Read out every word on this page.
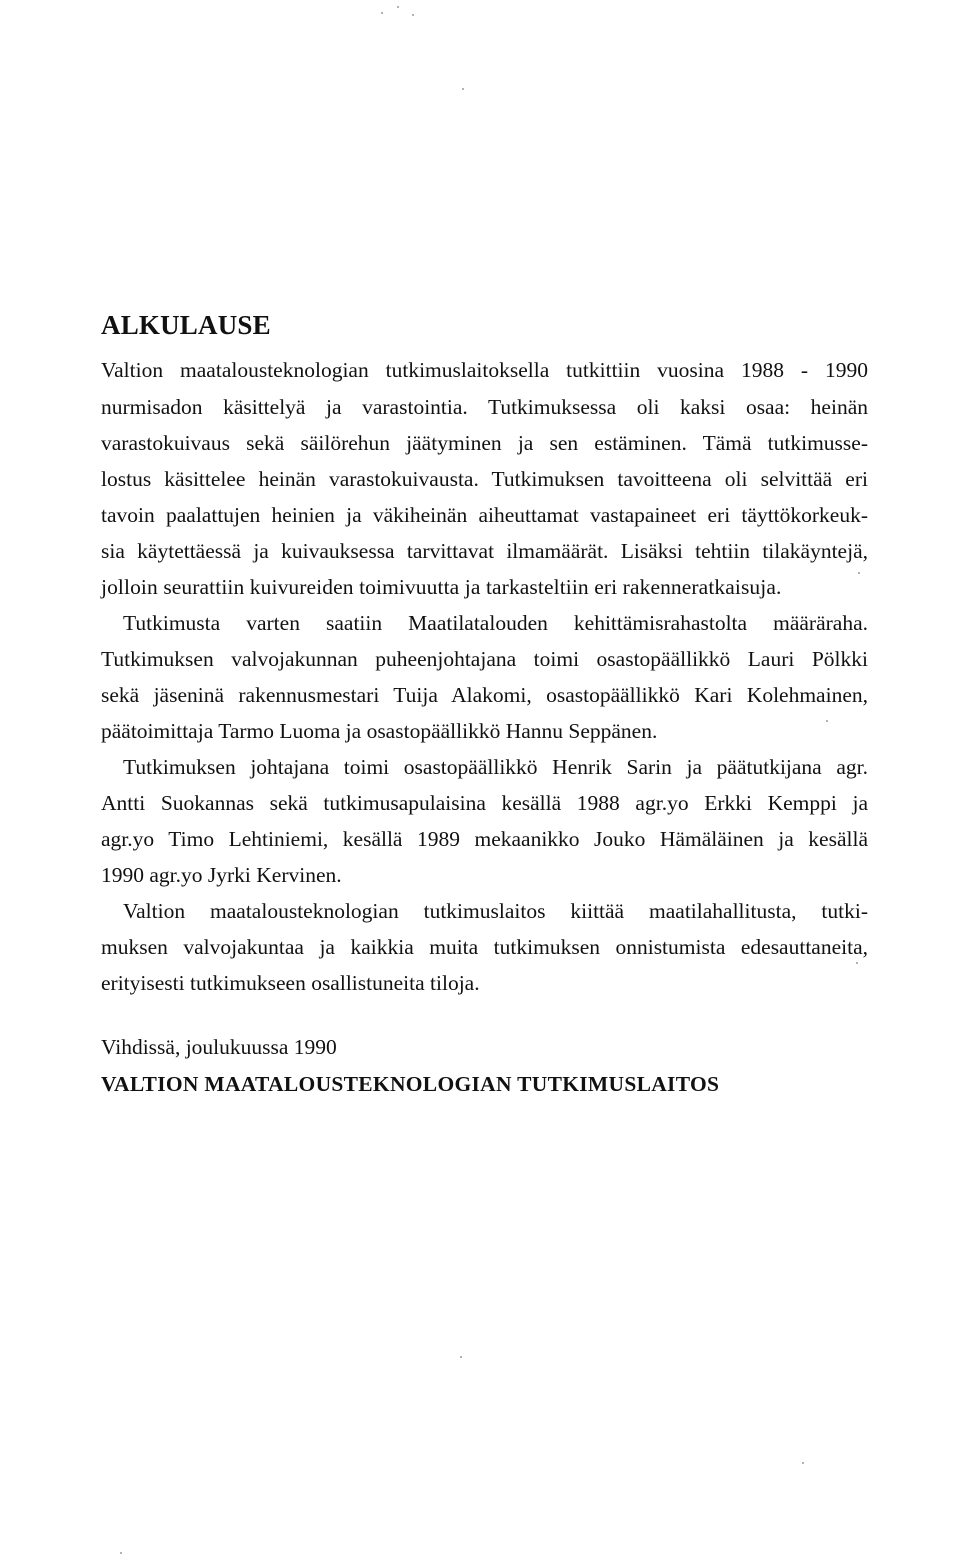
ALKULAUSE

Valtion maatalousteknologian tutkimuslaitoksella tutkittiin vuosina 1988 - 1990

nurmisadon käsittelyä ja varastointia. Tutkimuksessa oli kaksi osaa: heinän

varastokuivaus sekä säilörehun jäätyminen ja sen estäminen. Tämä tutkimusse-

lostus käsittelee heinän varastokuivausta. Tutkimuksen tavoitteena oli selvittää eri

tavoin paalattujen heinien ja väkiheinän aiheuttamat vastapaineet eri täyttökorkeuk-

sia käytettäessä ja kuivauksessa tarvittavat ilmamäärät. Lisäksi tehtiin tilakäyntejä,

jolloin seurattiin kuivureiden toimivuutta ja tarkasteltiin eri rakenneratkaisuja.

Tutkimusta varten saatiin Maatilatalouden kehittämisrahastolta määräraha.

Tutkimuksen valvojakunnan puheenjohtajana toimi osastopäällikkö Lauri Pölkki

sekä jäseninä rakennusmestari Tuija Alakomi, osastopäällikkö Kari Kolehmainen,

päätoimittaja Tarmo Luoma ja osastopäällikkö Hannu Seppänen.

Tutkimuksen johtajana toimi osastopäällikkö Henrik Sarin ja päätutkijana agr.

Antti Suokannas sekä tutkimusapulaisina kesällä 1988 agr.yo Erkki Kemppi ja

agr.yo Timo Lehtiniemi, kesällä 1989 mekaanikko Jouko Hämäläinen ja kesällä

1990 agr.yo Jyrki Kervinen.

Valtion maatalousteknologian tutkimuslaitos kiittää maatilahallitusta, tutki-

muksen valvojakuntaa ja kaikkia muita tutkimuksen onnistumista edesauttaneita,

erityisesti tutkimukseen osallistuneita tiloja.

Vihdissä, joulukuussa 1990

VALTION MAATALOUSTEKNOLOGIAN TUTKIMUSLAITOS
